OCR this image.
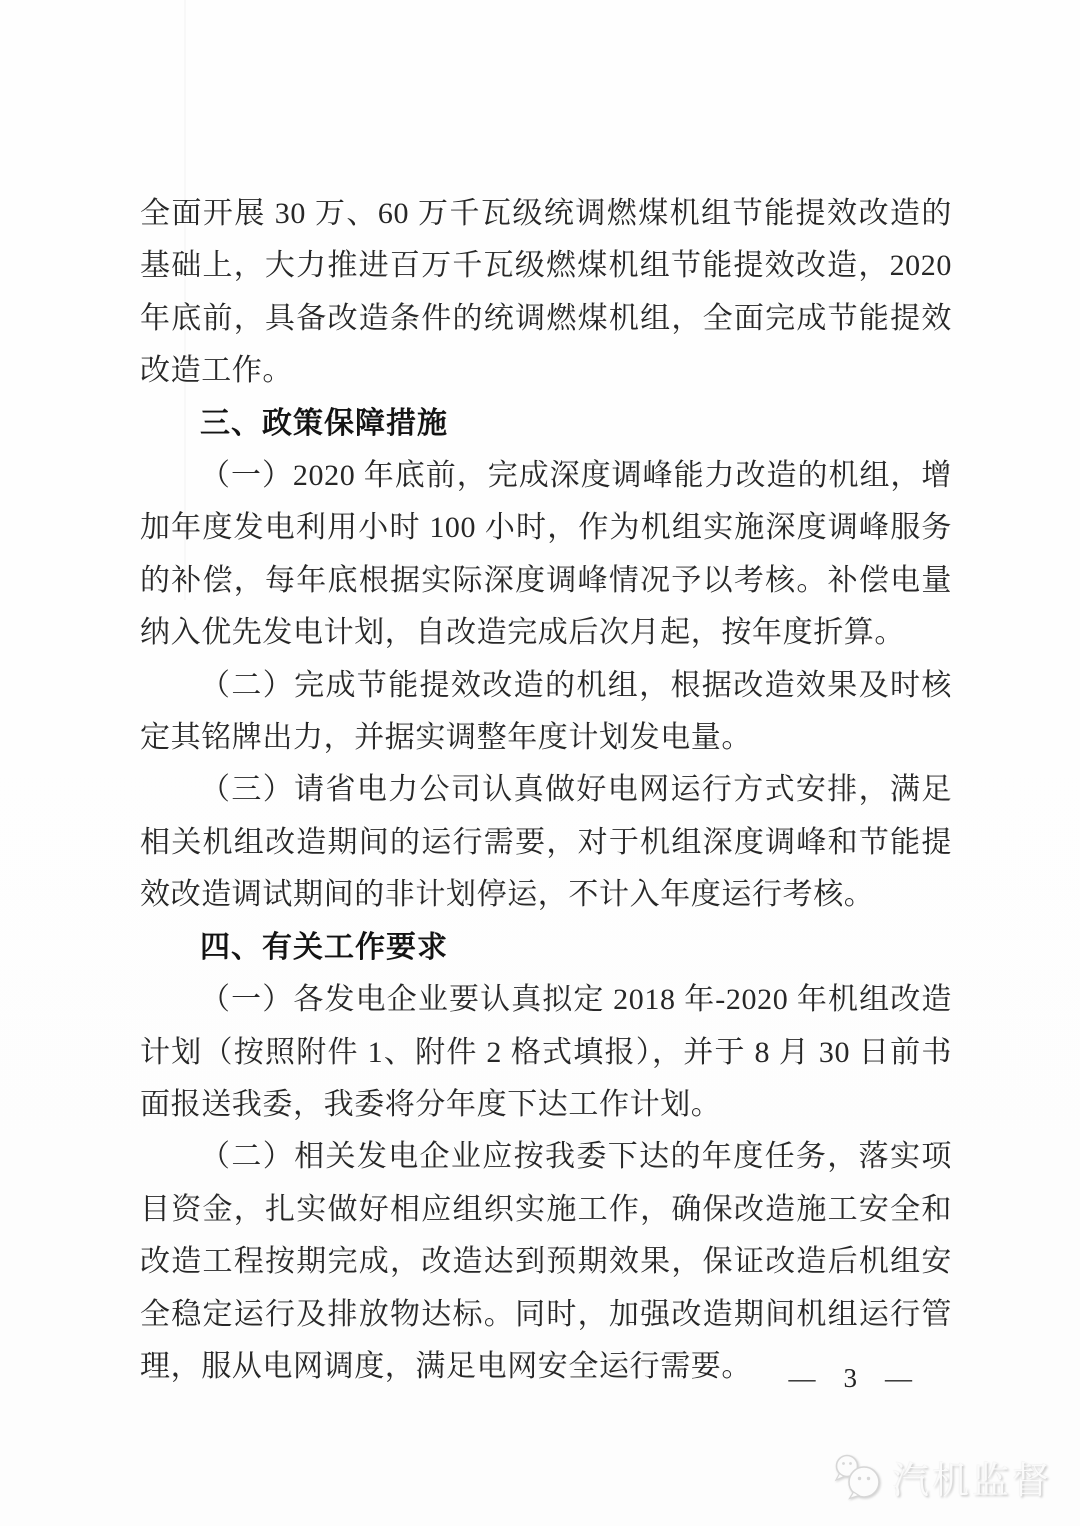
全面开展 30 万、60 万千瓦级统调燃煤机组节能提效改造的基础上，大力推进百万千瓦级燃煤机组节能提效改造，2020 年底前，具备改造条件的统调燃煤机组，全面完成节能提效改造工作。

三、政策保障措施

（一）2020 年底前，完成深度调峰能力改造的机组，增加年度发电利用小时 100 小时，作为机组实施深度调峰服务的补偿，每年底根据实际深度调峰情况予以考核。补偿电量纳入优先发电计划，自改造完成后次月起，按年度折算。

（二）完成节能提效改造的机组，根据改造效果及时核定其铭牌出力，并据实调整年度计划发电量。

（三）请省电力公司认真做好电网运行方式安排，满足相关机组改造期间的运行需要，对于机组深度调峰和节能提效改造调试期间的非计划停运，不计入年度运行考核。

四、有关工作要求

（一）各发电企业要认真拟定 2018 年-2020 年机组改造计划（按照附件 1、附件 2 格式填报），并于 8 月 30 日前书面报送我委，我委将分年度下达工作计划。

（二）相关发电企业应按我委下达的年度任务，落实项目资金，扎实做好相应组织实施工作，确保改造施工安全和改造工程按期完成，改造达到预期效果，保证改造后机组安全稳定运行及排放物达标。同时，加强改造期间机组运行管理，服从电网调度，满足电网安全运行需要。	— 3 —
汽机监督
